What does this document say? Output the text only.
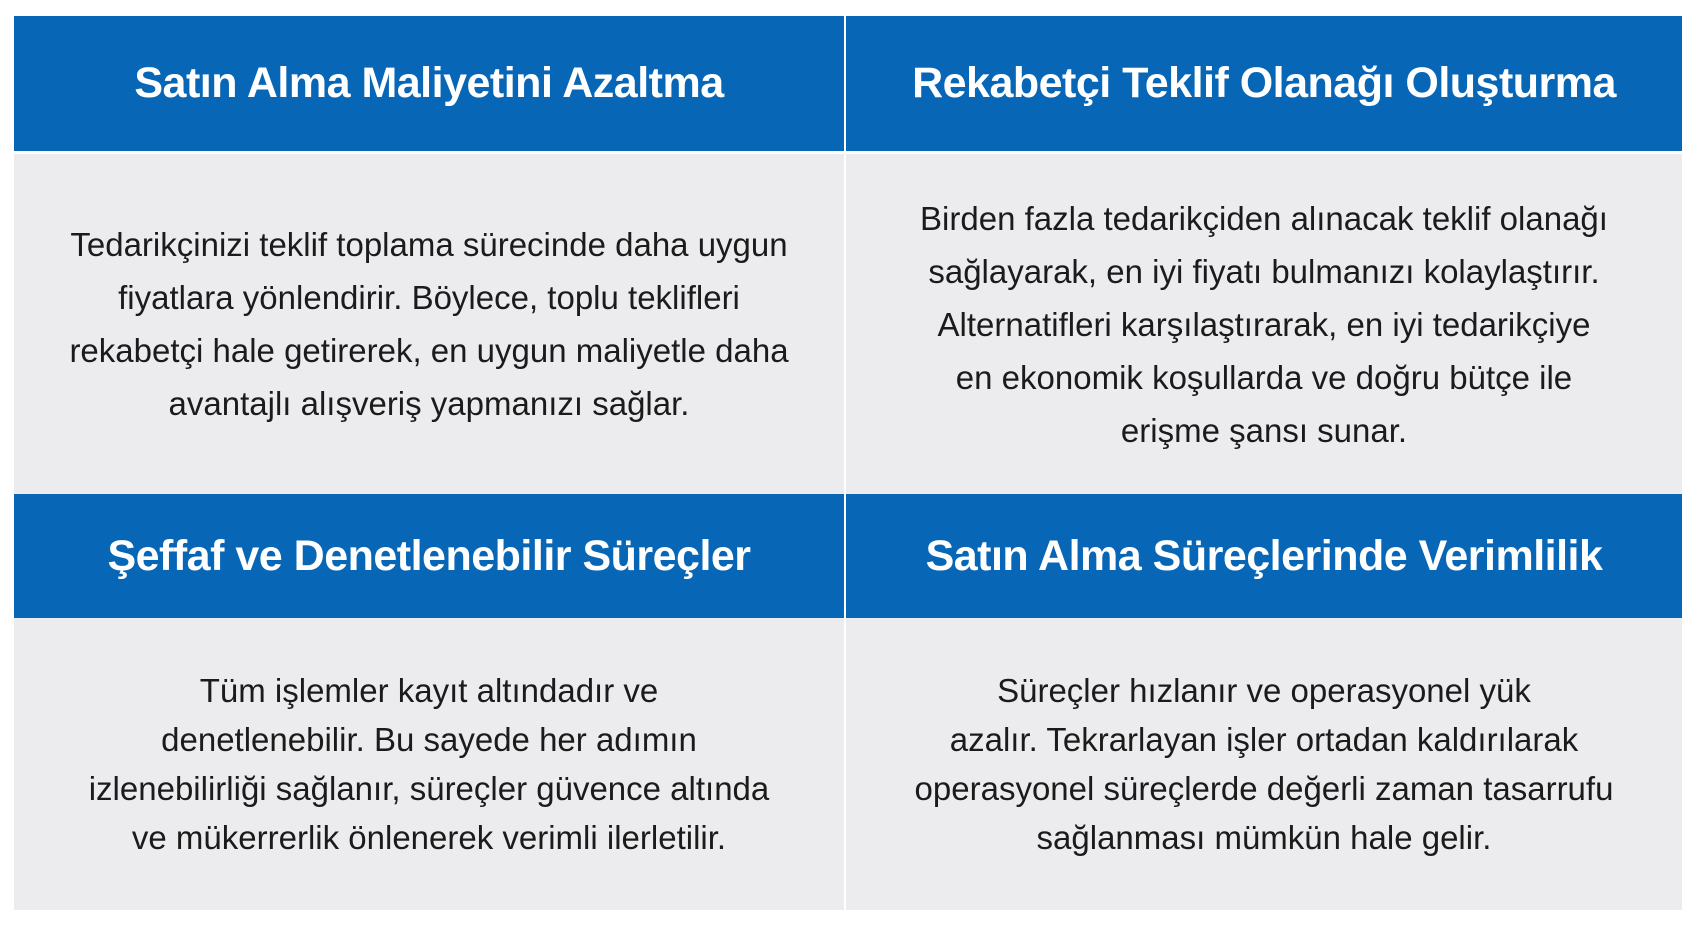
Satın Alma Maliyetini Azaltma	Rekabetçi Teklif Olanağı Oluşturma
Tedarikçinizi teklif toplama sürecinde daha uygun
fiyatlara yönlendirir. Böylece, toplu teklifleri
rekabetçi hale getirerek, en uygun maliyetle daha
avantajlı alışveriş yapmanızı sağlar.
Birden fazla tedarikçiden alınacak teklif olanağı
sağlayarak, en iyi fiyatı bulmanızı kolaylaştırır.
Alternatifleri karşılaştırarak, en iyi tedarikçiye
en ekonomik koşullarda ve doğru bütçe ile
erişme şansı sunar.
Şeffaf ve Denetlenebilir Süreçler	Satın Alma Süreçlerinde Verimlilik
Tüm işlemler kayıt altındadır ve
denetlenebilir. Bu sayede her adımın
izlenebilirliği sağlanır, süreçler güvence altında
ve mükerrerlik önlenerek verimli ilerletilir.
Süreçler hızlanır ve operasyonel yük
azalır. Tekrarlayan işler ortadan kaldırılarak
operasyonel süreçlerde değerli zaman tasarrufu
sağlanması mümkün hale gelir.
